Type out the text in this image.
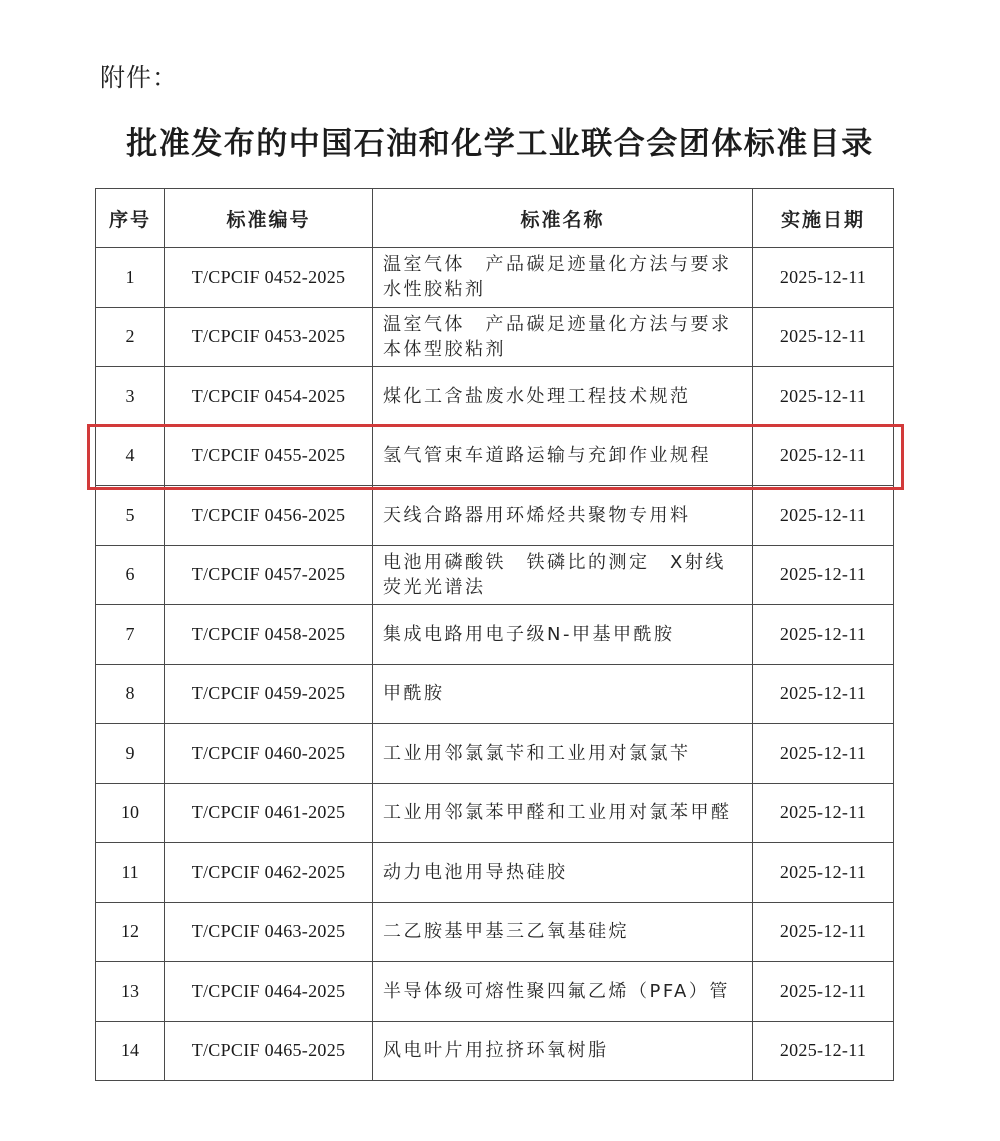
附件：
批准发布的中国石油和化学工业联合会团体标准目录
序号	标准编号	标准名称	实施日期
1	T/CPCIF 0452-2025	温室气体　产品碳足迹量化方法与要求
水性胶粘剂	2025-12-11
2	T/CPCIF 0453-2025	温室气体　产品碳足迹量化方法与要求
本体型胶粘剂	2025-12-11
3	T/CPCIF 0454-2025	煤化工含盐废水处理工程技术规范	2025-12-11
4	T/CPCIF 0455-2025	氢气管束车道路运输与充卸作业规程	2025-12-11
5	T/CPCIF 0456-2025	天线合路器用环烯烃共聚物专用料	2025-12-11
6	T/CPCIF 0457-2025	电池用磷酸铁　铁磷比的测定　X射线
荧光光谱法	2025-12-11
7	T/CPCIF 0458-2025	集成电路用电子级N-甲基甲酰胺	2025-12-11
8	T/CPCIF 0459-2025	甲酰胺	2025-12-11
9	T/CPCIF 0460-2025	工业用邻氯氯苄和工业用对氯氯苄	2025-12-11
10	T/CPCIF 0461-2025	工业用邻氯苯甲醛和工业用对氯苯甲醛	2025-12-11
11	T/CPCIF 0462-2025	动力电池用导热硅胶	2025-12-11
12	T/CPCIF 0463-2025	二乙胺基甲基三乙氧基硅烷	2025-12-11
13	T/CPCIF 0464-2025	半导体级可熔性聚四氟乙烯（PFA）管	2025-12-11
14	T/CPCIF 0465-2025	风电叶片用拉挤环氧树脂	2025-12-11
